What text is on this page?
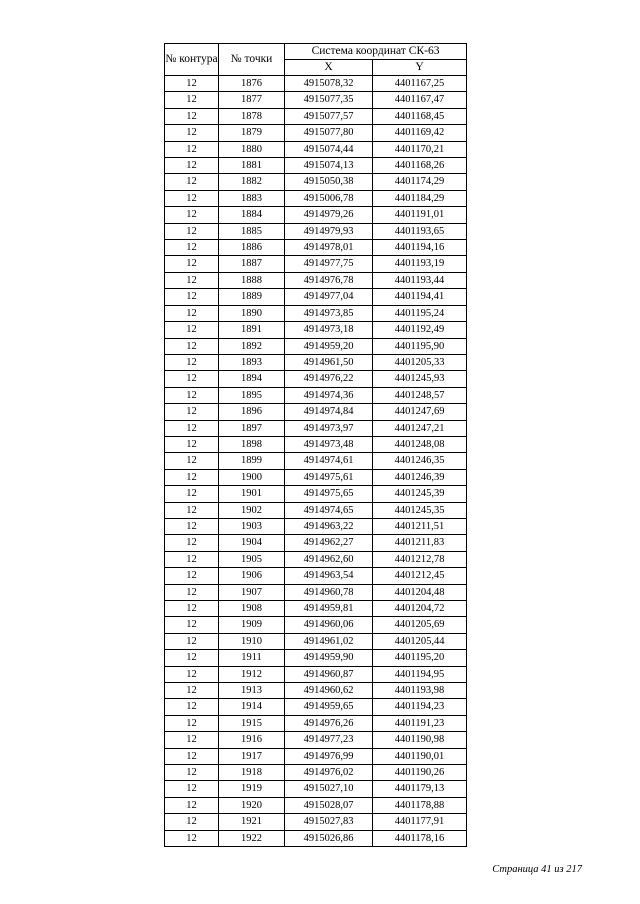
№ контура	№ точки	Система координат СК-63	
		X	Y
12	1876	4915078,32	4401167,25
12	1877	4915077,35	4401167,47
12	1878	4915077,57	4401168,45
12	1879	4915077,80	4401169,42
12	1880	4915074,44	4401170,21
12	1881	4915074,13	4401168,26
12	1882	4915050,38	4401174,29
12	1883	4915006,78	4401184,29
12	1884	4914979,26	4401191,01
12	1885	4914979,93	4401193,65
12	1886	4914978,01	4401194,16
12	1887	4914977,75	4401193,19
12	1888	4914976,78	4401193,44
12	1889	4914977,04	4401194,41
12	1890	4914973,85	4401195,24
12	1891	4914973,18	4401192,49
12	1892	4914959,20	4401195,90
12	1893	4914961,50	4401205,33
12	1894	4914976,22	4401245,93
12	1895	4914974,36	4401248,57
12	1896	4914974,84	4401247,69
12	1897	4914973,97	4401247,21
12	1898	4914973,48	4401248,08
12	1899	4914974,61	4401246,35
12	1900	4914975,61	4401246,39
12	1901	4914975,65	4401245,39
12	1902	4914974,65	4401245,35
12	1903	4914963,22	4401211,51
12	1904	4914962,27	4401211,83
12	1905	4914962,60	4401212,78
12	1906	4914963,54	4401212,45
12	1907	4914960,78	4401204,48
12	1908	4914959,81	4401204,72
12	1909	4914960,06	4401205,69
12	1910	4914961,02	4401205,44
12	1911	4914959,90	4401195,20
12	1912	4914960,87	4401194,95
12	1913	4914960,62	4401193,98
12	1914	4914959,65	4401194,23
12	1915	4914976,26	4401191,23
12	1916	4914977,23	4401190,98
12	1917	4914976,99	4401190,01
12	1918	4914976,02	4401190,26
12	1919	4915027,10	4401179,13
12	1920	4915028,07	4401178,88
12	1921	4915027,83	4401177,91
12	1922	4915026,86	4401178,16
Страница 41 из 217
